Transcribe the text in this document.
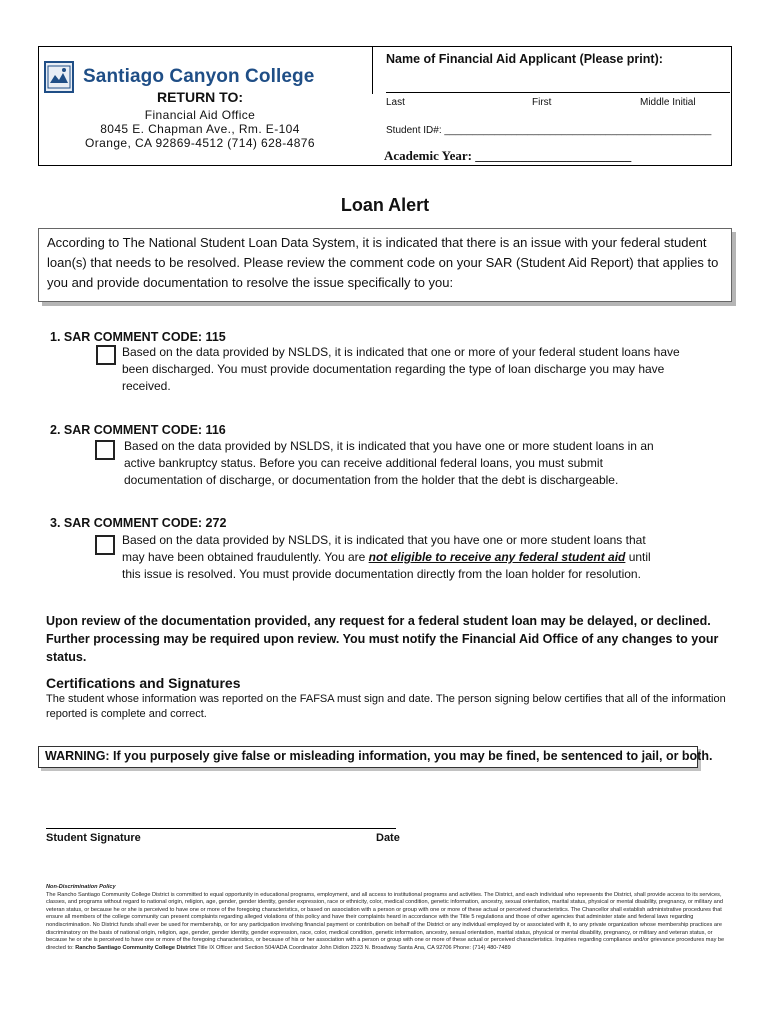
Santiago Canyon College
RETURN TO:
Financial Aid Office
8045 E. Chapman Ave., Rm. E-104
Orange, CA 92869-4512 (714) 628-4876
Name of Financial Aid Applicant (Please print):
Last	First	Middle Initial
Student ID#: ________________________________________________
Academic Year: ________________________
Loan Alert
According to The National Student Loan Data System, it is indicated that there is an issue with your federal student loan(s) that needs to be resolved. Please review the comment code on your SAR (Student Aid Report) that applies to you and provide documentation to resolve the issue specifically to you:
1. SAR COMMENT CODE: 115
Based on the data provided by NSLDS, it is indicated that one or more of your federal student loans have been discharged. You must provide documentation regarding the type of loan discharge you may have received.
2. SAR COMMENT CODE: 116
Based on the data provided by NSLDS, it is indicated that you have one or more student loans in an active bankruptcy status. Before you can receive additional federal loans, you must submit documentation of discharge, or documentation from the holder that the debt is dischargeable.
3. SAR COMMENT CODE: 272
Based on the data provided by NSLDS, it is indicated that you have one or more student loans that may have been obtained fraudulently. You are not eligible to receive any federal student aid until this issue is resolved. You must provide documentation directly from the loan holder for resolution.
Upon review of the documentation provided, any request for a federal student loan may be delayed, or declined. Further processing may be required upon review. You must notify the Financial Aid Office of any changes to your status.
Certifications and Signatures
The student whose information was reported on the FAFSA must sign and date. The person signing below certifies that all of the information reported is complete and correct.
WARNING: If you purposely give false or misleading information, you may be fined, be sentenced to jail, or both.
Student Signature	Date
Non-Discrimination Policy
The Rancho Santiago Community College District is committed to equal opportunity in educational programs, employment, and all access to institutional programs and activities. The District, and each individual who represents the District, shall provide access to its services, classes, and programs without regard to national origin, religion, age, gender, gender identity, gender expression, race or ethnicity, color, medical condition, genetic information, ancestry, sexual orientation, marital status, physical or mental disability, pregnancy, or military and veteran status, or because he or she is perceived to have one or more of the foregoing characteristics, or based on association with a person or group with one or more of these actual or perceived characteristics. The Chancellor shall establish administrative procedures that ensure all members of the college community can present complaints regarding alleged violations of this policy and have their complaints heard in accordance with the Title 5 regulations and those of other agencies that administer state and federal laws regarding nondiscrimination. No District funds shall ever be used for membership, or for any participation involving financial payment or contribution on behalf of the District or any individual employed by or associated with it, to any private organization whose membership practices are discriminatory on the basis of national origin, religion, age, gender, gender identity, gender expression, race, color, medical condition, genetic information, ancestry, sexual orientation, marital status, physical or mental disability, pregnancy, or military and veteran status, or because he or she is perceived to have one or more of the foregoing characteristics, or because of his or her association with a person or group with one or more of these actual or perceived characteristics. Inquiries regarding compliance and/or grievance procedures may be directed to: Rancho Santiago Community College District Title IX Officer and Section 504/ADA Coordinator John Didion 2323 N. Broadway Santa Ana, CA 92706 Phone: (714) 480-7489
